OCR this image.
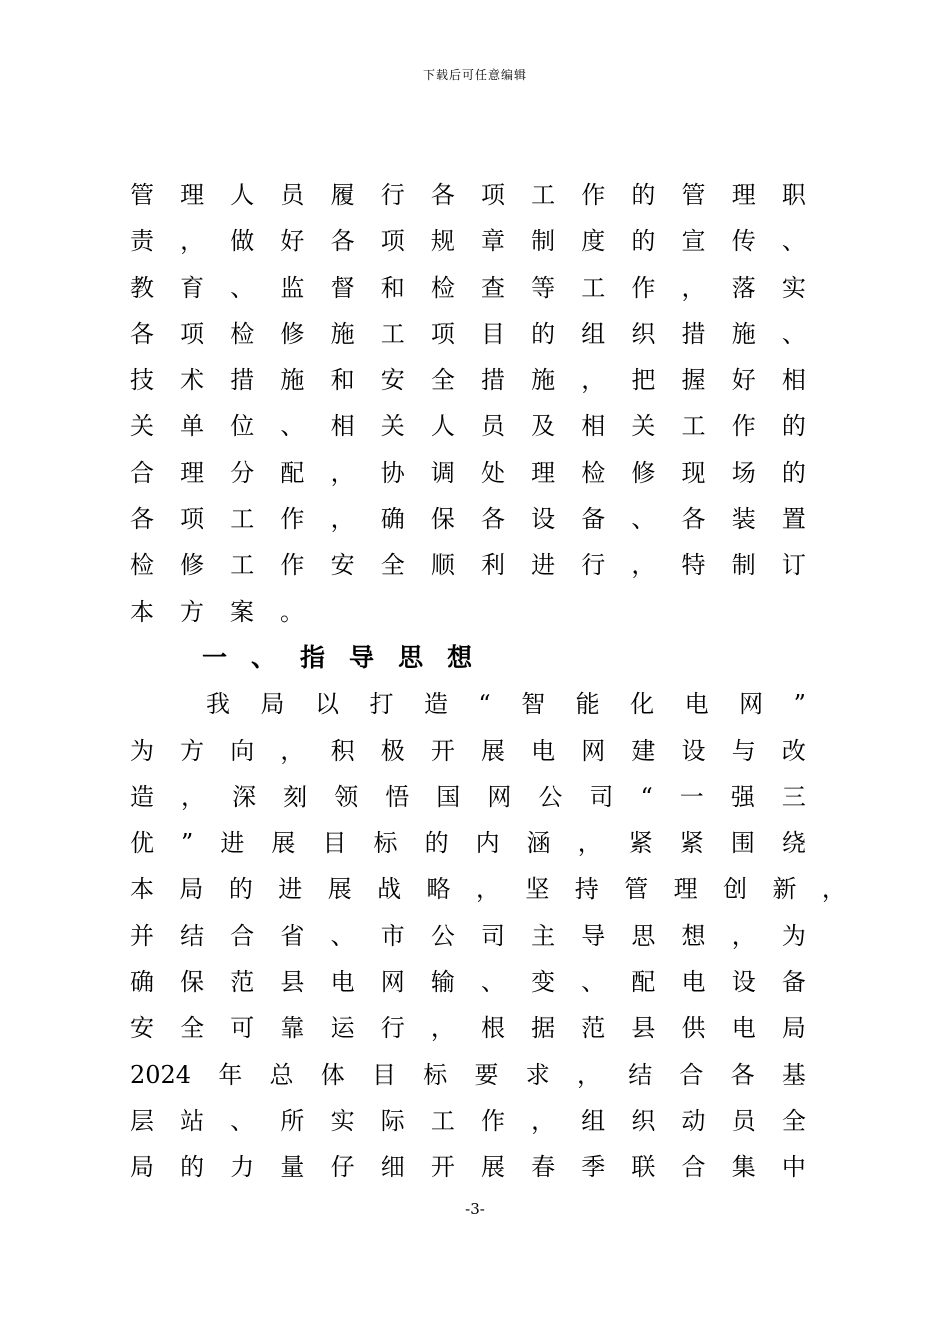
下载后可任意编辑
管 理 人 员 履 行 各 项 工 作 的 管 理 职
责 ， 做 好 各 项 规 章 制 度 的 宣 传 、
教 育 、 监 督 和 检 查 等 工 作 ， 落 实
各 项 检 修 施 工 项 目 的 组 织 措 施 、
技 术 措 施 和 安 全 措 施 ， 把 握 好 相
关 单 位 、 相 关 人 员 及 相 关 工 作 的
合 理 分 配 ， 协 调 处 理 检 修 现 场 的
各 项 工 作 ， 确 保 各 设 备 、 各 装 置
检 修 工 作 安 全 顺 利 进 行 ， 特 制 订
本 方 案 。
一 、 指 导 思 想
我 局 以 打 造 “ 智 能 化 电 网 ”
为 方 向 ， 积 极 开 展 电 网 建 设 与 改
造 ， 深 刻 领 悟 国 网 公 司 “ 一 强 三
优 ” 进 展 目 标 的 内 涵 ， 紧 紧 围 绕
本 局 的 进 展 战 略 ， 坚 持 管 理 创 新 ，
并 结 合 省 、 市 公 司 主 导 思 想 ， 为
确 保 范 县 电 网 输 、 变 、 配 电 设 备
安 全 可 靠 运 行 ， 根 据 范 县 供 电 局
2024 年 总 体 目 标 要 求 ， 结 合 各 基
层 站 、 所 实 际 工 作 ， 组 织 动 员 全
局 的 力 量 仔 细 开 展 春 季 联 合 集 中
-3-
